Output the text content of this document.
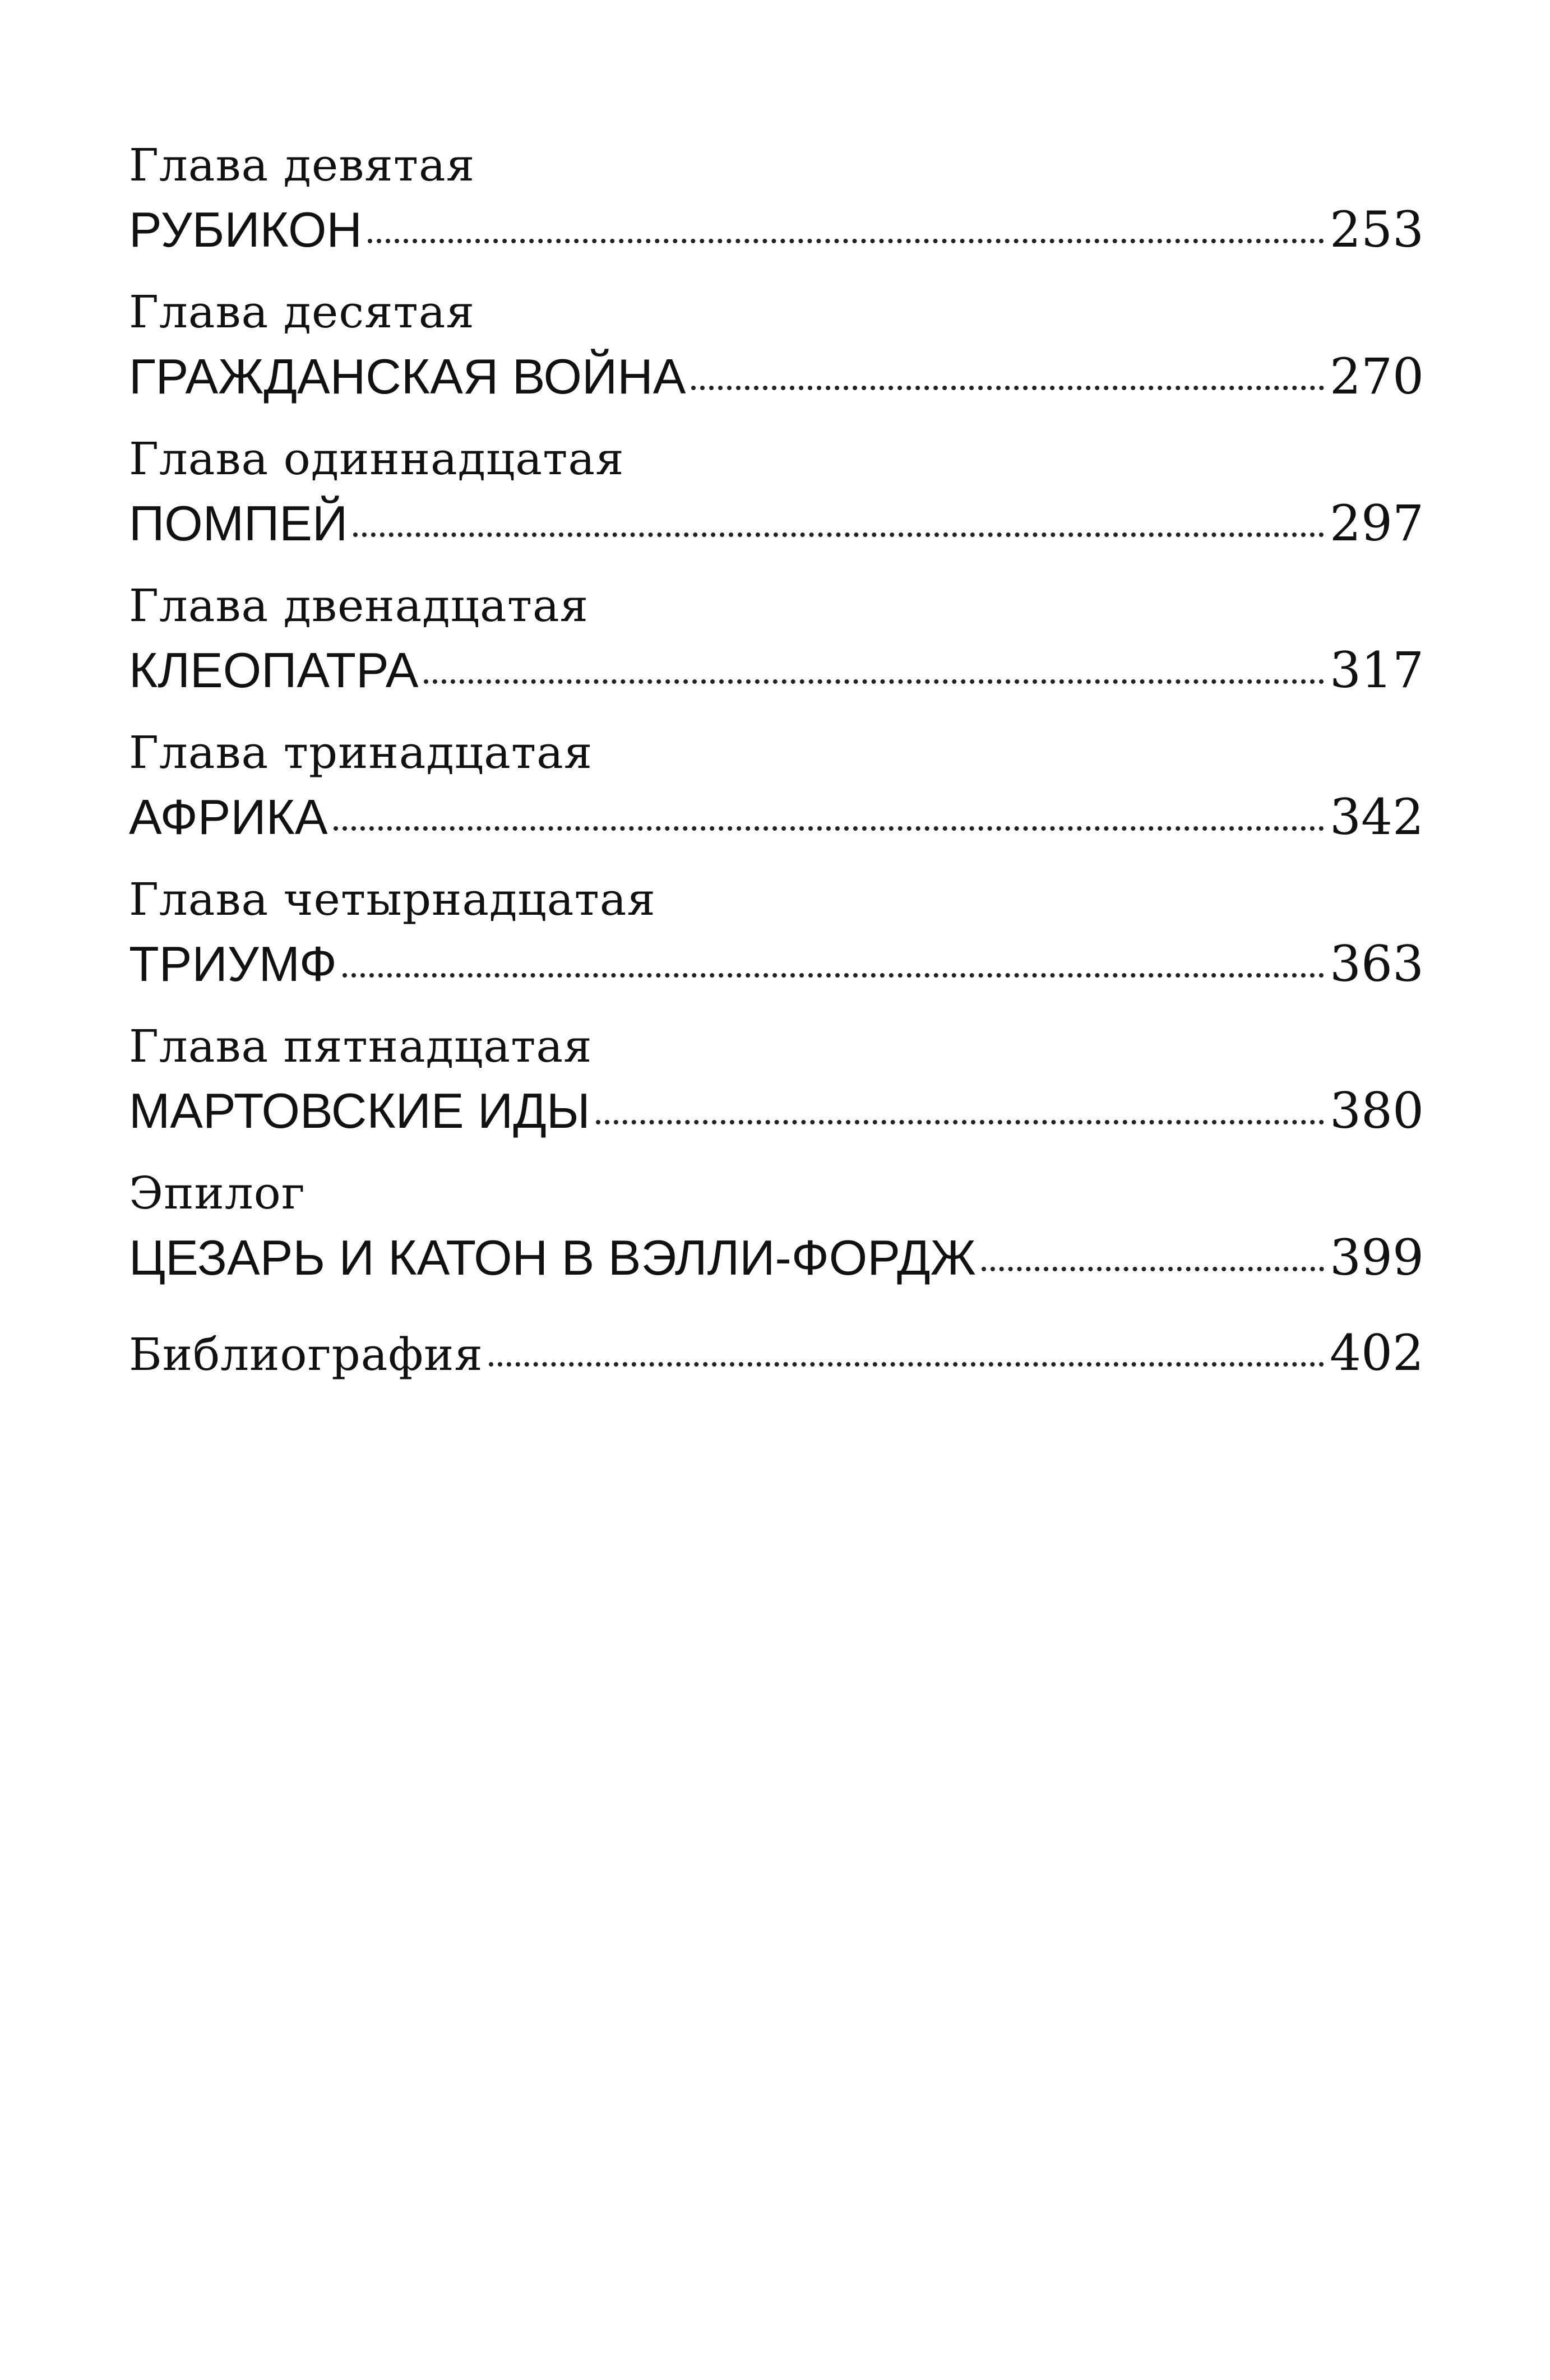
Глава девятая
РУБИКОН	253
Глава десятая
ГРАЖДАНСКАЯ ВОЙНА	270
Глава одиннадцатая
ПОМПЕЙ	297
Глава двенадцатая
КЛЕОПАТРА	317
Глава тринадцатая
АФРИКА	342
Глава четырнадцатая
ТРИУМФ	363
Глава пятнадцатая
МАРТОВСКИЕ ИДЫ	380
Эпилог
ЦЕЗАРЬ И КАТОН В ВЭЛЛИ-ФОРДЖ	399
Библиография	402
